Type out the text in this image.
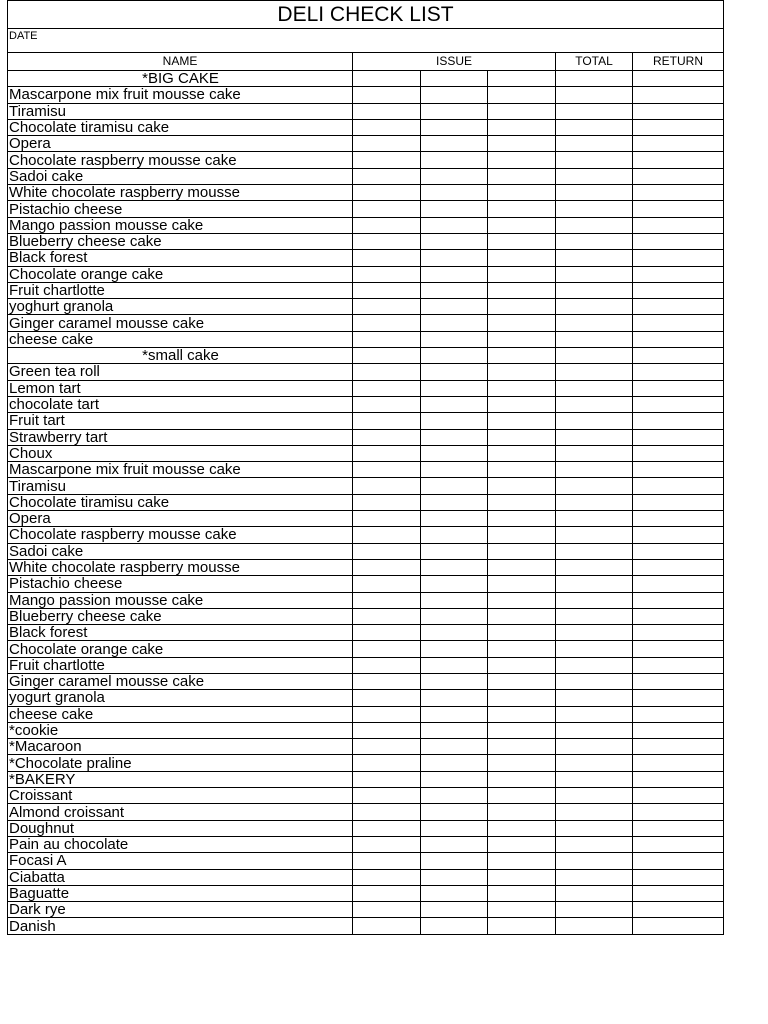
DELI CHECK LIST					
DATE					
NAME	ISSUE			TOTAL	RETURN
*BIG CAKE					
Mascarpone mix fruit mousse cake					
Tiramisu					
Chocolate tiramisu cake					
Opera					
Chocolate raspberry mousse cake					
Sadoi cake					
White chocolate raspberry mousse					
Pistachio cheese					
Mango passion mousse cake					
Blueberry cheese cake					
Black forest					
Chocolate orange cake					
Fruit chartlotte					
yoghurt granola					
Ginger caramel mousse cake					
cheese cake					
*small cake					
Green tea roll					
Lemon tart					
chocolate tart					
Fruit tart					
Strawberry tart					
Choux					
Mascarpone mix fruit mousse cake					
Tiramisu					
Chocolate tiramisu cake					
Opera					
Chocolate raspberry mousse cake					
Sadoi cake					
White chocolate raspberry mousse					
Pistachio cheese					
Mango passion mousse cake					
Blueberry cheese cake					
Black forest					
Chocolate orange cake					
Fruit chartlotte					
Ginger caramel mousse cake					
yogurt granola					
cheese cake					
*cookie					
*Macaroon					
*Chocolate praline					
*BAKERY					
Croissant					
Almond croissant					
Doughnut					
Pain au chocolate					
Focasi A					
Ciabatta					
Baguatte					
Dark rye					
Danish					
